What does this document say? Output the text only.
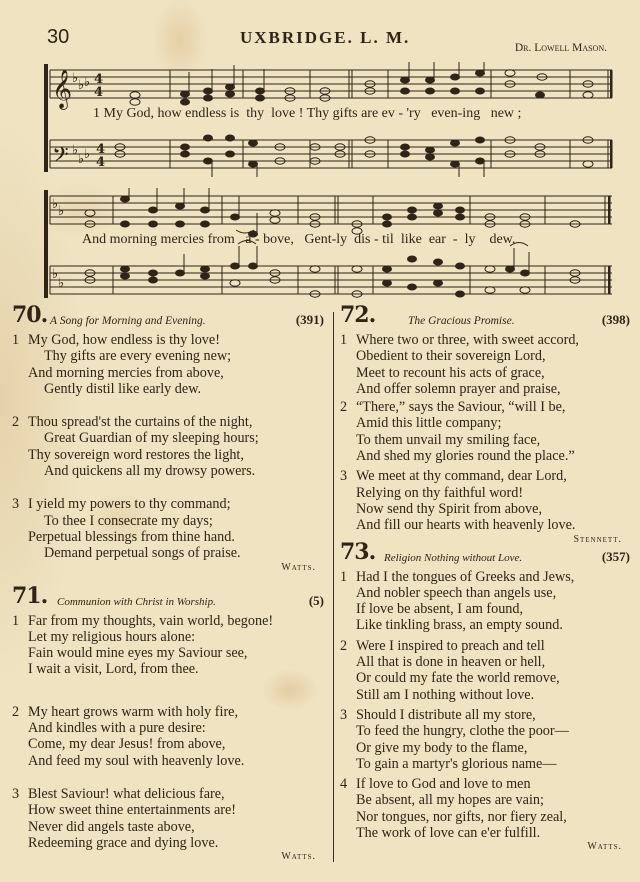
30	UXBRIDGE. L. M.
Dr. Lowell Mason.
𝄞
𝄢
♭ ♭ ♭
♭
♭ ♭
4
4
4
4
1 My God, how endless is  thy  love ! Thy gifts are ev - 'ry   even-ing   new ;
♭ ♭
♭
♭
And morning mercies from   a - bove,   Gent-ly  dis - til  like  ear  -  ly    dew.
70. A Song for Morning and Evening.	(391)
1 My God, how endless is thy love!
Thy gifts are every evening new;
And morning mercies from above,
Gently distil like early dew.
2 Thou spread'st the curtains of the night,
Great Guardian of my sleeping hours;
Thy sovereign word restores the light,
And quickens all my drowsy powers.
3 I yield my powers to thy command;
To thee I consecrate my days;
Perpetual blessings from thine hand.
Demand perpetual songs of praise.
Watts.
71. Communion with Christ in Worship.	(5)
1 Far from my thoughts, vain world, begone!
Let my religious hours alone:
Fain would mine eyes my Saviour see,
I wait a visit, Lord, from thee.
2 My heart grows warm with holy fire,
And kindles with a pure desire:
Come, my dear Jesus! from above,
And feed my soul with heavenly love.
3 Blest Saviour! what delicious fare,
How sweet thine entertainments are!
Never did angels taste above,
Redeeming grace and dying love.
Watts.
72.	The Gracious Promise.	(398)
1 Where two or three, with sweet accord,
Obedient to their sovereign Lord,
Meet to recount his acts of grace,
And offer solemn prayer and praise,
2 “There,” says the Saviour, “will I be,
Amid this little company;
To them unvail my smiling face,
And shed my glories round the place.”
3 We meet at thy command, dear Lord,
Relying on thy faithful word!
Now send thy Spirit from above,
And fill our hearts with heavenly love.
Stennett.
73. Religion Nothing without Love.	(357)
1 Had I the tongues of Greeks and Jews,
And nobler speech than angels use,
If love be absent, I am found,
Like tinkling brass, an empty sound.
2 Were I inspired to preach and tell
All that is done in heaven or hell,
Or could my fate the world remove,
Still am I nothing without love.
3 Should I distribute all my store,
To feed the hungry, clothe the poor—
Or give my body to the flame,
To gain a martyr's glorious name—
4 If love to God and love to men
Be absent, all my hopes are vain;
Nor tongues, nor gifts, nor fiery zeal,
The work of love can e'er fulfill.
Watts.
